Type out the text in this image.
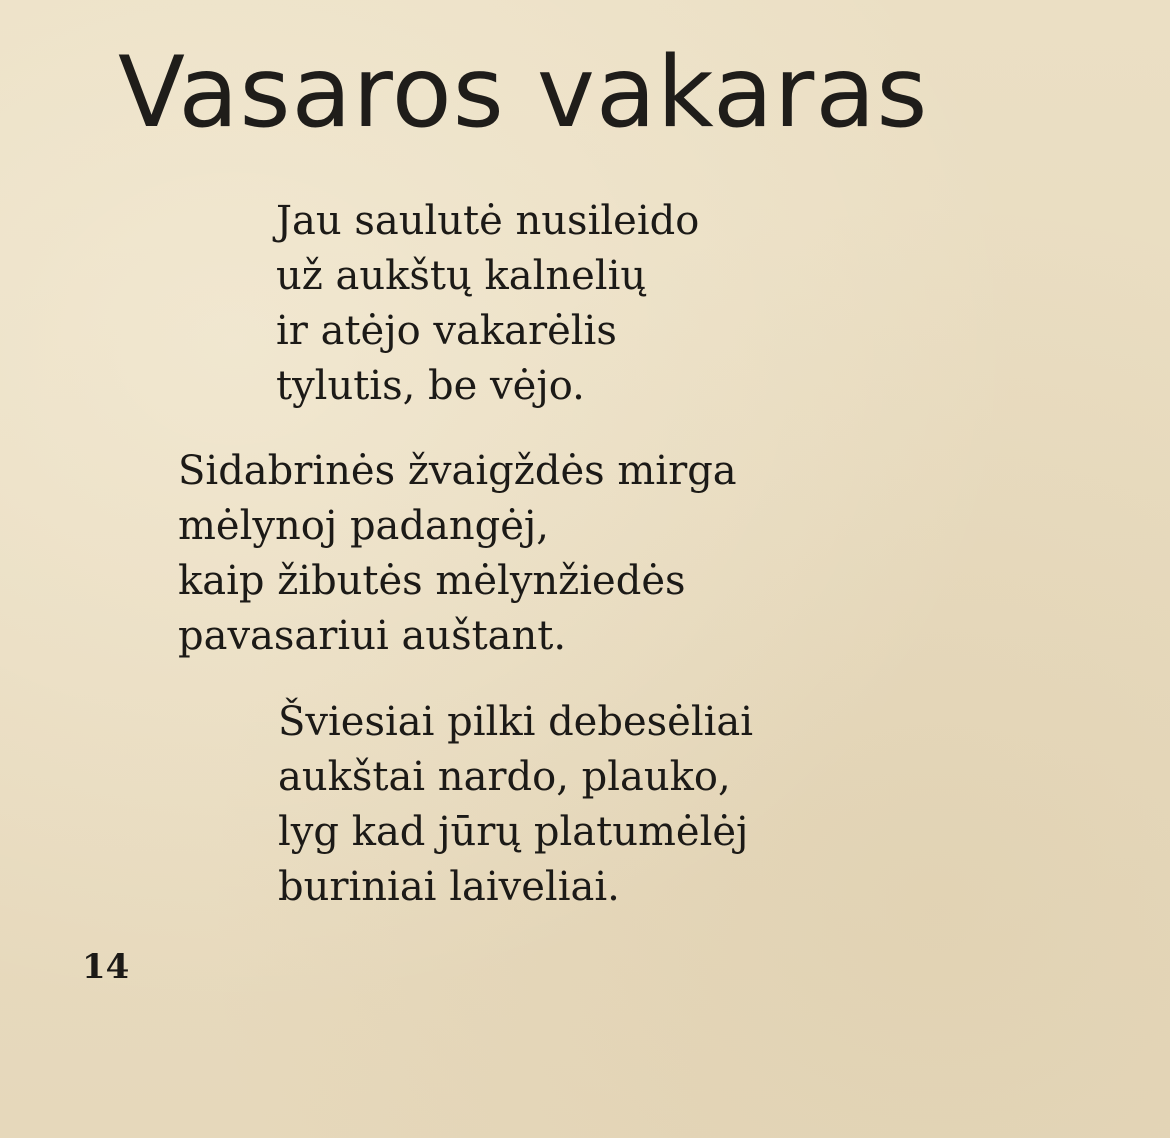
Vasaros vakaras
Jau saulutė nusileido
už aukštų kalnelių
ir atėjo vakarėlis
tylutis, be vėjo.
Sidabrinės žvaigždės mirga
mėlynoj padangėj,
kaip žibutės mėlynžiedės
pavasariui auštant.
Šviesiai pilki debesėliai
aukštai nardo, plauko,
lyg kad jūrų platumėlėj
buriniai laiveliai.
14
